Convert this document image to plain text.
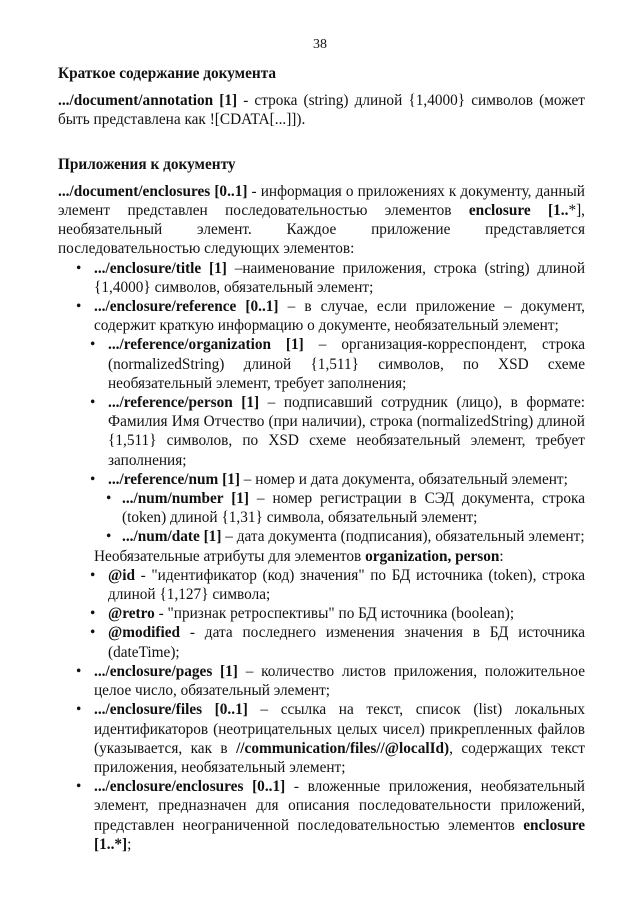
38
Краткое содержание документа

.../document/annotation [1] - строка (string) длиной {1,4000} символов (может быть представлена как ![CDATA[...]]).

Приложения к документу

.../document/enclosures [0..1] - информация о приложениях к документу, данный элемент представлен последовательностью элементов enclosure [1..*], необязательный элемент. Каждое приложение представляется последовательностью следующих элементов:

• .../enclosure/title [1] –наименование приложения, строка (string) длиной {1,4000} символов, обязательный элемент;
• .../enclosure/reference [0..1] – в случае, если приложение – документ, содержит краткую информацию о документе, необязательный элемент;
• .../reference/organization [1] – организация-корреспондент, строка (normalizedString) длиной {1,511} символов, по XSD схеме необязательный элемент, требует заполнения;
• .../reference/person [1] – подписавший сотрудник (лицо), в формате: Фамилия Имя Отчество (при наличии), строка (normalizedString) длиной {1,511} символов, по XSD схеме необязательный элемент, требует заполнения;
• .../reference/num [1] – номер и дата документа, обязательный элемент;
• .../num/number [1] – номер регистрации в СЭД документа, строка (token) длиной {1,31} символа, обязательный элемент;
• .../num/date [1] – дата документа (подписания), обязательный элемент;

Необязательные атрибуты для элементов organization, person:

• @id - "идентификатор (код) значения" по БД источника (token), строка длиной {1,127} символа;
• @retro - "признак ретроспективы" по БД источника (boolean);
• @modified - дата последнего изменения значения в БД источника (dateTime);
• .../enclosure/pages [1] – количество листов приложения, положительное целое число, обязательный элемент;
• .../enclosure/files [0..1] – ссылка на текст, список (list) локальных идентификаторов (неотрицательных целых чисел) прикрепленных файлов (указывается, как в //communication/files//@localId), содержащих текст приложения, необязательный элемент;
• .../enclosure/enclosures [0..1] - вложенные приложения, необязательный элемент, предназначен для описания последовательности приложений, представлен неограниченной последовательностью элементов enclosure [1..*];
